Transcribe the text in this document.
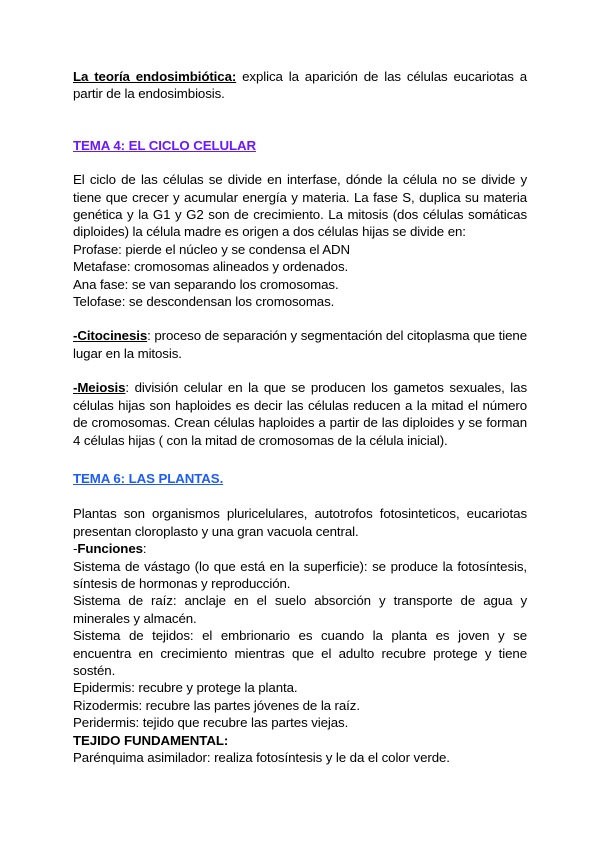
La teoría endosimbiótica: explica la aparición de las células eucariotas a partir de la endosimbiosis.

TEMA 4: EL CICLO CELULAR

El ciclo de las células se divide en interfase, dónde la célula no se divide y tiene que crecer y acumular energía y materia. La fase S, duplica su materia genética y la G1 y G2 son de crecimiento. La mitosis (dos células somáticas diploides) la célula madre es origen a dos células hijas se divide en:

Profase: pierde el núcleo y se condensa el ADN

Metafase: cromosomas alineados y ordenados.

Ana fase: se van separando los cromosomas.

Telofase: se descondensan los cromosomas.

-Citocinesis: proceso de separación y segmentación del citoplasma que tiene lugar en la mitosis.

-Meiosis: división celular en la que se producen los gametos sexuales, las células hijas son haploides es decir las células reducen a la mitad el número de cromosomas. Crean células haploides a partir de las diploides y se forman 4 células hijas ( con la mitad de cromosomas de la célula inicial).

TEMA 6: LAS PLANTAS.

Plantas son organismos pluricelulares, autotrofos fotosinteticos, eucariotas presentan cloroplasto y una gran vacuola central.

-Funciones:

Sistema de vástago (lo que está en la superficie): se produce la fotosíntesis, síntesis de hormonas y reproducción.

Sistema de raíz: anclaje en el suelo absorción y transporte de agua y minerales y almacén.

Sistema de tejidos: el embrionario es cuando la planta es joven y se encuentra en crecimiento mientras que el adulto recubre protege y tiene sostén.

Epidermis: recubre y protege la planta.

Rizodermis: recubre las partes jóvenes de la raíz.

Peridermis: tejido que recubre las partes viejas.

TEJIDO FUNDAMENTAL:

Parénquima asimilador: realiza fotosíntesis y le da el color verde.
